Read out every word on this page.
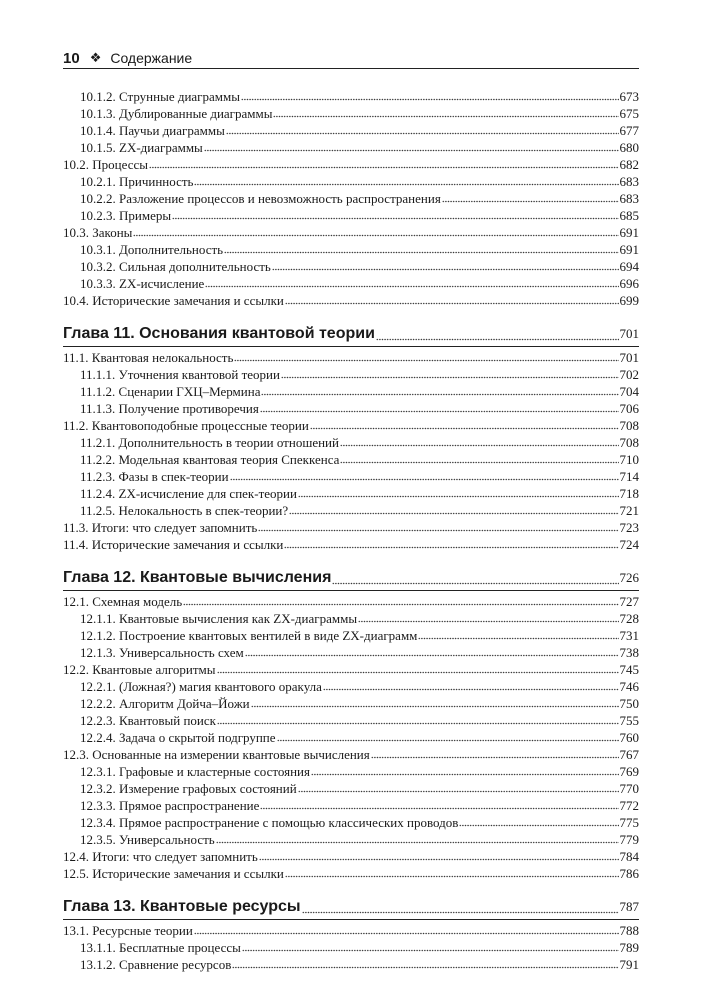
10 ❖ Содержание
10.1.2. Струнные диаграммы	673
10.1.3. Дублированные диаграммы	675
10.1.4. Паучьи диаграммы	677
10.1.5. ZX-диаграммы	680
10.2. Процессы	682
10.2.1. Причинность	683
10.2.2. Разложение процессов и невозможность распространения	683
10.2.3. Примеры	685
10.3. Законы	691
10.3.1. Дополнительность	691
10.3.2. Сильная дополнительность	694
10.3.3. ZX-исчисление	696
10.4. Исторические замечания и ссылки	699
Глава 11. Основания квантовой теории	701
11.1. Квантовая нелокальность	701
11.1.1. Уточнения квантовой теории	702
11.1.2. Сценарии ГХЦ–Мермина	704
11.1.3. Получение противоречия	706
11.2. Квантовоподобные процессные теории	708
11.2.1. Дополнительность в теории отношений	708
11.2.2. Модельная квантовая теория Спеккенса	710
11.2.3. Фазы в спек-теории	714
11.2.4. ZX-исчисление для спек-теории	718
11.2.5. Нелокальность в спек-теории?	721
11.3. Итоги: что следует запомнить	723
11.4. Исторические замечания и ссылки	724
Глава 12. Квантовые вычисления	726
12.1. Схемная модель	727
12.1.1. Квантовые вычисления как ZX-диаграммы	728
12.1.2. Построение квантовых вентилей в виде ZX-диаграмм	731
12.1.3. Универсальность схем	738
12.2. Квантовые алгоритмы	745
12.2.1. (Ложная?) магия квантового оракула	746
12.2.2. Алгоритм Дойча–Йожи	750
12.2.3. Квантовый поиск	755
12.2.4. Задача о скрытой подгруппе	760
12.3. Основанные на измерении квантовые вычисления	767
12.3.1. Графовые и кластерные состояния	769
12.3.2. Измерение графовых состояний	770
12.3.3. Прямое распространение	772
12.3.4. Прямое распространение с помощью классических проводов	775
12.3.5. Универсальность	779
12.4. Итоги: что следует запомнить	784
12.5. Исторические замечания и ссылки	786
Глава 13. Квантовые ресурсы	787
13.1. Ресурсные теории	788
13.1.1. Бесплатные процессы	789
13.1.2. Сравнение ресурсов	791
